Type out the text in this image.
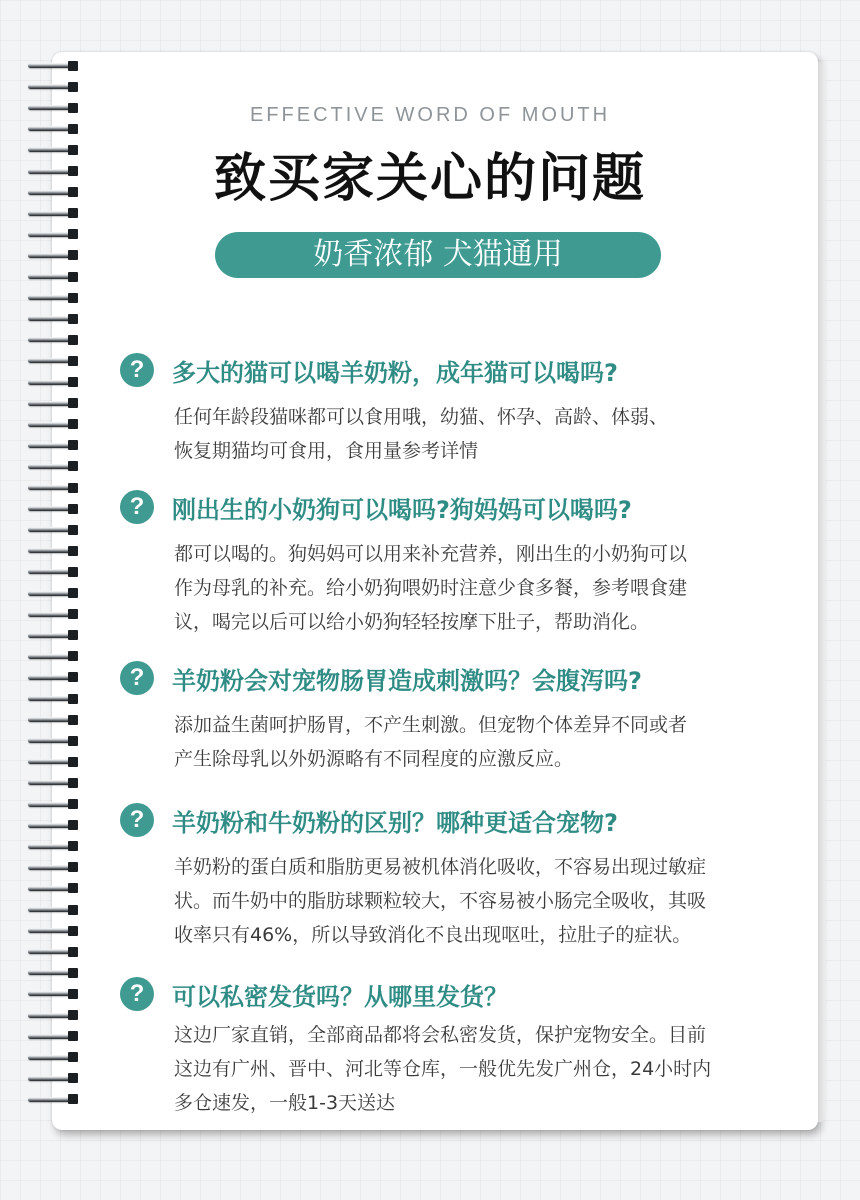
EFFECTIVE WORD OF MOUTH
致买家关心的问题
奶香浓郁 犬猫通用
?	多大的猫可以喝羊奶粉，成年猫可以喝吗?
任何年龄段猫咪都可以食用哦，幼猫、怀孕、高龄、体弱、
恢复期猫均可食用，食用量参考详情
?	刚出生的小奶狗可以喝吗?狗妈妈可以喝吗?
都可以喝的。狗妈妈可以用来补充营养，刚出生的小奶狗可以
作为母乳的补充。给小奶狗喂奶时注意少食多餐，参考喂食建
议，喝完以后可以给小奶狗轻轻按摩下肚子，帮助消化。
?	羊奶粉会对宠物肠胃造成刺激吗？会腹泻吗?
添加益生菌呵护肠胃，不产生刺激。但宠物个体差异不同或者
产生除母乳以外奶源略有不同程度的应激反应。
?	羊奶粉和牛奶粉的区别？哪种更适合宠物?
羊奶粉的蛋白质和脂肪更易被机体消化吸收，不容易出现过敏症
状。而牛奶中的脂肪球颗粒较大，不容易被小肠完全吸收，其吸
收率只有46%，所以导致消化不良出现呕吐，拉肚子的症状。
?	可以私密发货吗？从哪里发货？
这边厂家直销，全部商品都将会私密发货，保护宠物安全。目前
这边有广州、晋中、河北等仓库，一般优先发广州仓，24小时内
多仓速发，一般1-3天送达
